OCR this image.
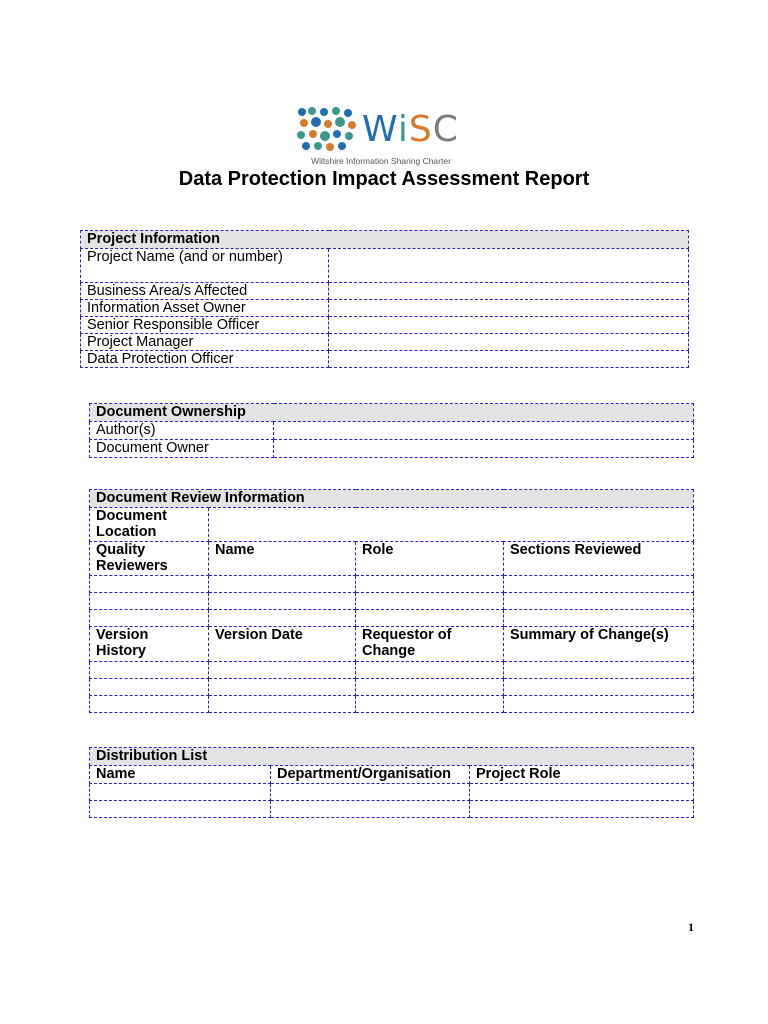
WiSC
Wiltshire Information Sharing Charter
Data Protection Impact Assessment Report
Project Information	
Project Name (and or number)	
Business Area/s Affected	
Information Asset Owner	
Senior Responsible Officer	
Project Manager	
Data Protection Officer	
Document Ownership	
Author(s)	
Document Owner	
Document Review Information			
Document Location			
Quality Reviewers	Name	Role	Sections Reviewed

Version History	Version Date	Requestor of Change	Summary of Change(s)

Distribution List		
Name	Department/Organisation	Project Role

1
